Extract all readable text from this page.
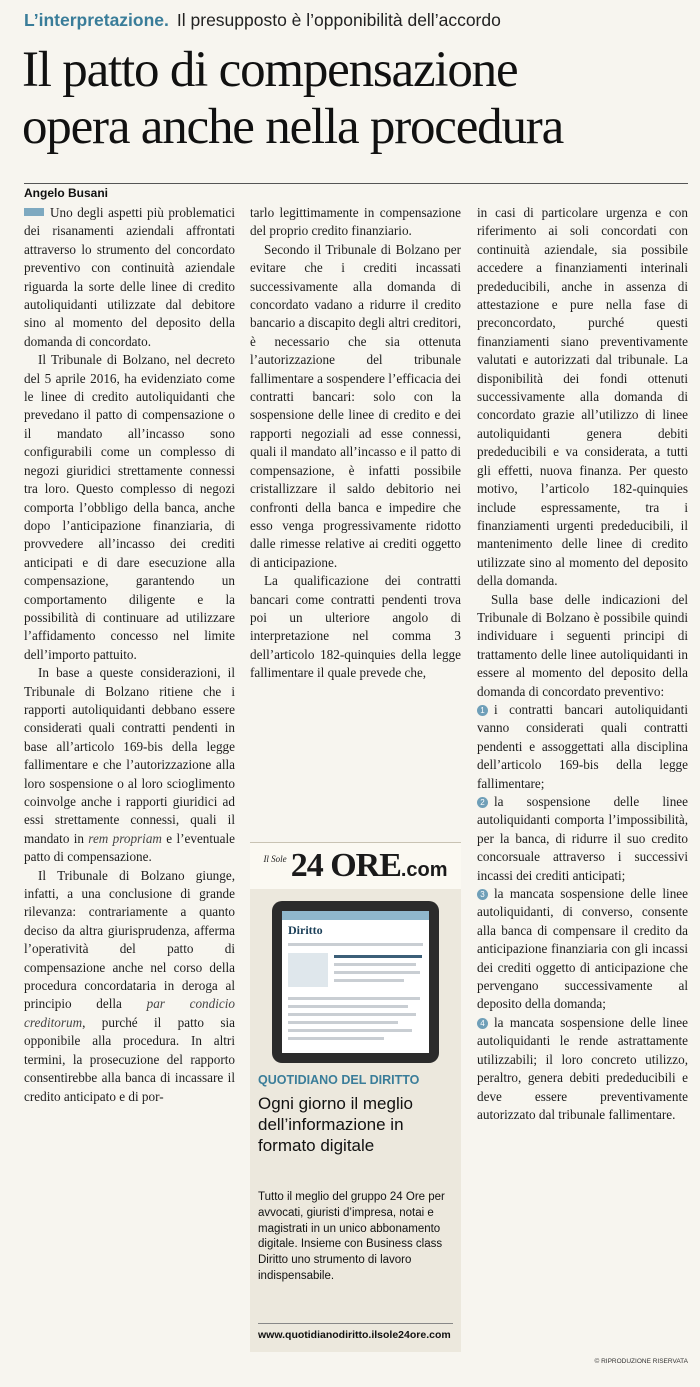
L’interpretazione. Il presupposto è l’opponibilità dell’accordo
Il patto di compensazione
opera anche nella procedura
Angelo Busani

Uno degli aspetti più problematici dei risanamenti aziendali affrontati attraverso lo strumento del concordato preventivo con continuità aziendale riguarda la sorte delle linee di credito autoliquidanti utilizzate dal debitore sino al momento del deposito della domanda di concordato.

Il Tribunale di Bolzano, nel decreto del 5 aprile 2016, ha evidenziato come le linee di credito autoliquidanti che prevedano il patto di compensazione o il mandato all’incasso sono configurabili come un complesso di negozi giuridici strettamente connessi tra loro. Questo complesso di negozi comporta l’obbligo della banca, anche dopo l’anticipazione finanziaria, di provvedere all’incasso dei crediti anticipati e di dare esecuzione alla compensazione, garantendo un comportamento diligente e la possibilità di continuare ad utilizzare l’affidamento concesso nel limite dell’importo pattuito.

In base a queste considerazioni, il Tribunale di Bolzano ritiene che i rapporti autoliquidanti debbano essere considerati quali contratti pendenti in base all’articolo 169-bis della legge fallimentare e che l’autorizzazione alla loro sospensione o al loro scioglimento coinvolge anche i rapporti giuridici ad essi strettamente connessi, quali il mandato in rem propriam e l’eventuale patto di compensazione.

Il Tribunale di Bolzano giunge, infatti, a una conclusione di grande rilevanza: contrariamente a quanto deciso da altra giurisprudenza, afferma l’operatività del patto di compensazione anche nel corso della procedura concordataria in deroga al principio della par condicio creditorum, purché il patto sia opponibile alla procedura. In altri termini, la prosecuzione del rapporto consentirebbe alla banca di incassare il credito anticipato e di por-

tarlo legittimamente in compensazione del proprio credito finanziario.

Secondo il Tribunale di Bolzano per evitare che i crediti incassati successivamente alla domanda di concordato vadano a ridurre il credito bancario a discapito degli altri creditori, è necessario che sia ottenuta l’autorizzazione del tribunale fallimentare a sospendere l’efficacia dei contratti bancari: solo con la sospensione delle linee di credito e dei rapporti negoziali ad esse connessi, quali il mandato all’incasso e il patto di compensazione, è infatti possibile cristallizzare il saldo debitorio nei confronti della banca e impedire che esso venga progressivamente ridotto dalle rimesse relative ai crediti oggetto di anticipazione.

La qualificazione dei contratti bancari come contratti pendenti trova poi un ulteriore angolo di interpretazione nel comma 3 dell’articolo 182-quinquies della legge fallimentare il quale prevede che,

in casi di particolare urgenza e con riferimento ai soli concordati con continuità aziendale, sia possibile accedere a finanziamenti interinali prededucibili, anche in assenza di attestazione e pure nella fase di preconcordato, purché questi finanziamenti siano preventivamente valutati e autorizzati dal tribunale. La disponibilità dei fondi ottenuti successivamente alla domanda di concordato grazie all’utilizzo di linee autoliquidanti genera debiti prededucibili e va considerata, a tutti gli effetti, nuova finanza. Per questo motivo, l’articolo 182-quinquies include espressamente, tra i finanziamenti urgenti prededucibili, il mantenimento delle linee di credito utilizzate sino al momento del deposito della domanda.

Sulla base delle indicazioni del Tribunale di Bolzano è possibile quindi individuare i seguenti principi di trattamento delle linee autoliquidanti in essere al momento del deposito della domanda di concordato preventivo:

1 i contratti bancari autoliquidanti vanno considerati quali contratti pendenti e assoggettati alla disciplina dell’articolo 169-bis della legge fallimentare;

2 la sospensione delle linee autoliquidanti comporta l’impossibilità, per la banca, di ridurre il suo credito concorsuale attraverso i successivi incassi dei crediti anticipati;

3 la mancata sospensione delle linee autoliquidanti, di converso, consente alla banca di compensare il credito da anticipazione finanziaria con gli incassi dei crediti oggetto di anticipazione che pervengano successivamente al deposito della domanda;

4 la mancata sospensione delle linee autoliquidanti le rende astrattamente utilizzabili; il loro concreto utilizzo, peraltro, genera debiti prededucibili e deve essere preventivamente autorizzato dal tribunale fallimentare.

$^{Il Sole}$ 24 ORE.com
Diritto
QUOTIDIANO DEL DIRITTO
Ogni giorno il meglio dell’informazione in formato digitale
Tutto il meglio del gruppo 24 Ore per avvocati, giuristi d’impresa, notai e magistrati in un unico abbonamento digitale. Insieme con Business class Diritto uno strumento di lavoro indispensabile.
www.quotidianodiritto.ilsole24ore.com
© RIPRODUZIONE RISERVATA
